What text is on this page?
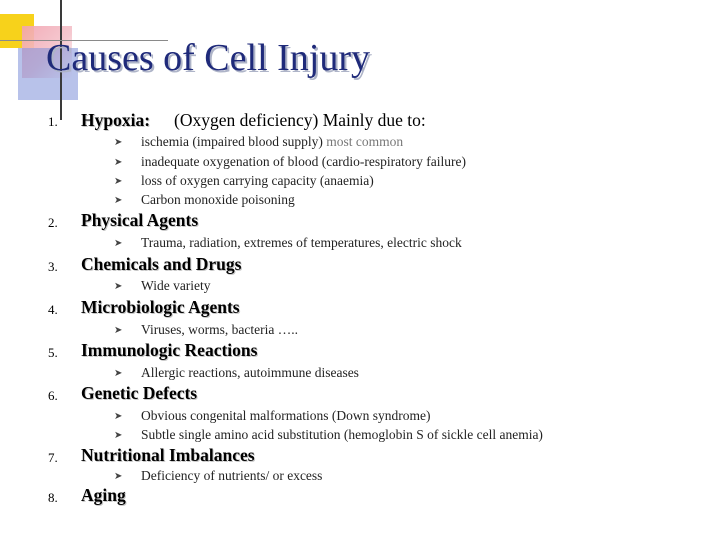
Causes of Cell Injury
1. Hypoxia: (Oxygen deficiency) Mainly due to:
➤ ischemia (impaired blood supply) most common
➤ inadequate oxygenation of blood (cardio-respiratory failure)
➤ loss of oxygen carrying capacity (anaemia)
➤ Carbon monoxide poisoning
2. Physical Agents
➤ Trauma, radiation, extremes of temperatures, electric shock
3. Chemicals and Drugs
➤ Wide variety
4. Microbiologic Agents
➤ Viruses, worms, bacteria …..
5. Immunologic Reactions
➤ Allergic reactions, autoimmune diseases
6. Genetic Defects
➤ Obvious congenital malformations (Down syndrome)
➤ Subtle single amino acid substitution (hemoglobin S of sickle cell anemia)
7. Nutritional Imbalances
➤ Deficiency of nutrients/ or excess
8. Aging
